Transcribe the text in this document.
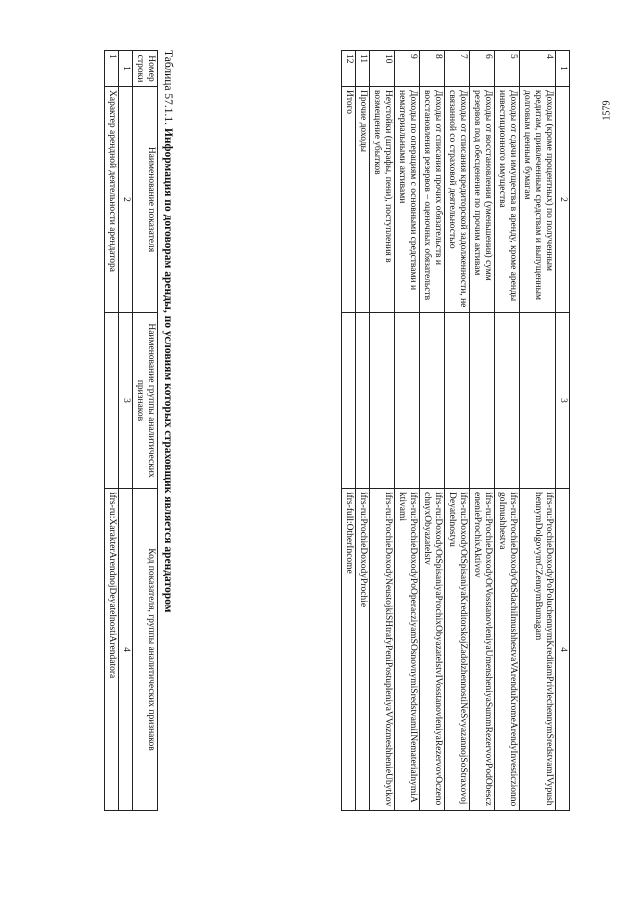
1579
1	2	3	4
4	Доходы (кроме процентных) по полученным кредитам, привлеченным средствам и выпущенным долговым ценным бумагам		ifrs-ru:ProchieDoxodyPoPoluchennymKreditamPrivlechennymSredstvamIVypushhennymDolgovymCZennymBumagam
5	Доходы от сдачи имущества в аренду, кроме аренды инвестиционного имущества		ifrs-ru:ProchieDoxodyOtSdachiImushhestvaVArenduKromeArendyInvesticzionnogoImushhestva
6	Доходы от восстановления (уменьшения) сумм резервов под обесценение по прочим активам		ifrs-ru:ProchieDoxodyOtVosstanovleniyaUmensheniyaSummRezervovPodObesczenenieProchixAktivov
7	Доходы от списания кредиторской задолженности, не связанной со страховой деятельностью		ifrs-ru:DoxodyOtSpisaniyaKreditorskojZadolzhennostiNeSvyazannojSoStraxovojDeyatelnostyu
8	Доходы от списания прочих обязательств и восстановления резервов – оценочных обязательств		ifrs-ru:DoxodyOtSpisaniyaProchixObyazatelstvIVosstanovleniyaRezervovOczenochnyxObyazatelstv
9	Доходы по операциям с основными средствами и нематериальными активами		ifrs-ru:ProchieDoxodyPoOperacziyamSOsnovnymiSredstvamiINematerialnymiAktivami
10	Неустойки (штрафы, пени), поступления в возмещение убытков		ifrs-ru:ProchieDoxodyNeustojkiSHtrafyPeniPostupleniyaVVozmeshhenieUbytkov
11	Прочие доходы		ifrs-ru:ProchieDoxodyProchie
12	Итого		ifrs-full:OtherIncome
Таблица 57.1.1. Информация по договорам аренды, по условиям которых страховщик является арендатором
Номер строки	Наименование показателя	Наименование группы аналитических признаков	Код показателя, группы аналитических признаков
1	2	3	4
1	Характер арендной деятельности арендатора		ifrs-ru:XarakterArendnojDeyatelnostiArendatora
